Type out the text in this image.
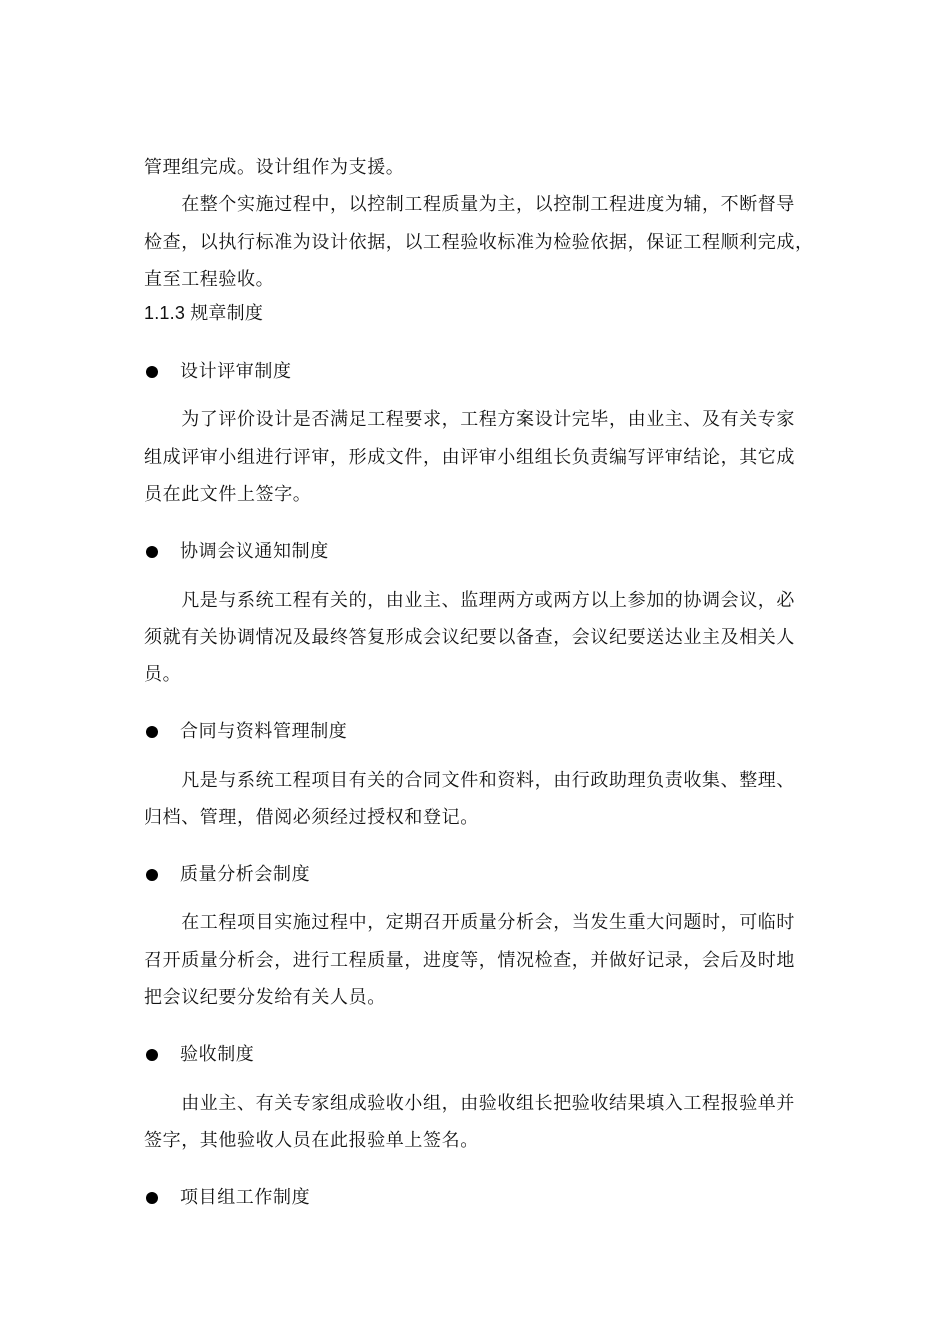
管理组完成。设计组作为支援。
　　在整个实施过程中，以控制工程质量为主，以控制工程进度为辅，不断督导
检查，以执行标准为设计依据，以工程验收标准为检验依据，保证工程顺利完成，
直至工程验收。
1.1.3 规章制度
设计评审制度
　　为了评价设计是否满足工程要求，工程方案设计完毕，由业主、及有关专家
组成评审小组进行评审，形成文件，由评审小组组长负责编写评审结论，其它成
员在此文件上签字。
协调会议通知制度
　　凡是与系统工程有关的，由业主、监理两方或两方以上参加的协调会议，必
须就有关协调情况及最终答复形成会议纪要以备查，会议纪要送达业主及相关人
员。
合同与资料管理制度
　　凡是与系统工程项目有关的合同文件和资料，由行政助理负责收集、整理、
归档、管理，借阅必须经过授权和登记。
质量分析会制度
　　在工程项目实施过程中，定期召开质量分析会，当发生重大问题时，可临时
召开质量分析会，进行工程质量，进度等，情况检查，并做好记录，会后及时地
把会议纪要分发给有关人员。
验收制度
　　由业主、有关专家组成验收小组，由验收组长把验收结果填入工程报验单并
签字，其他验收人员在此报验单上签名。
项目组工作制度
